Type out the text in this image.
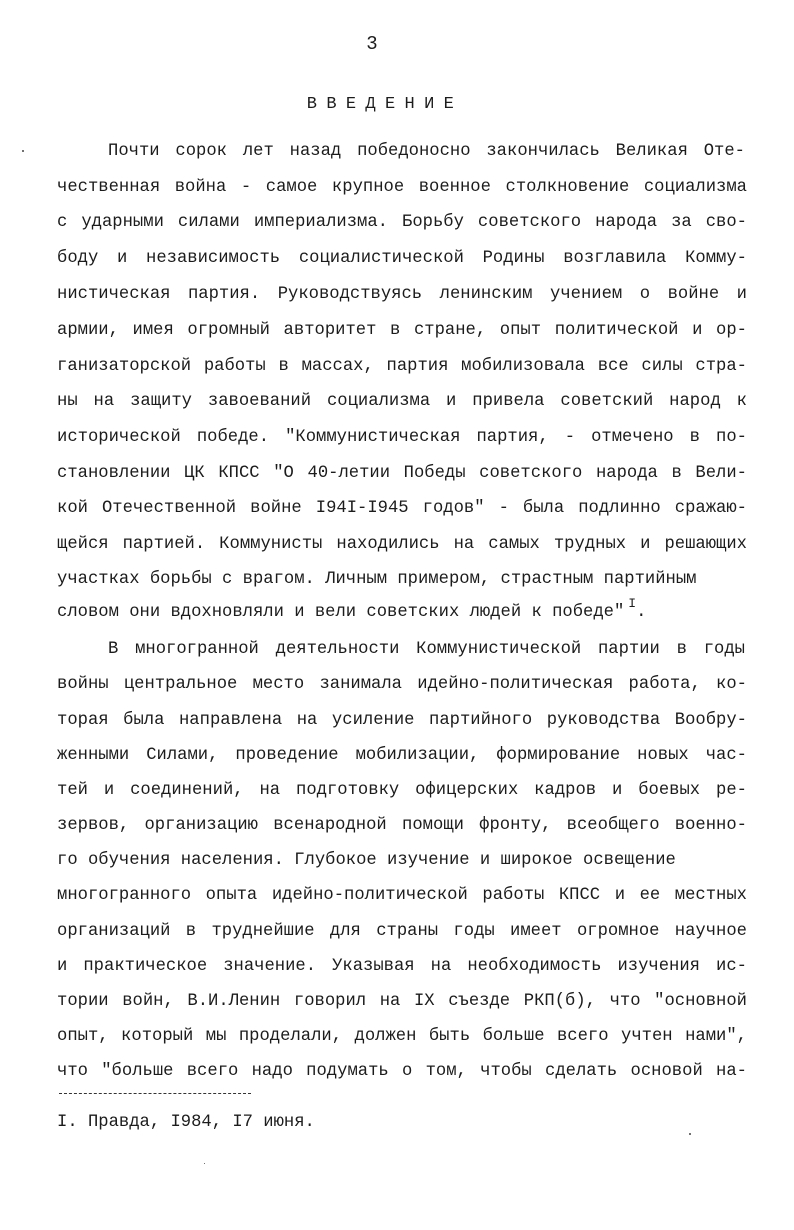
3
ВВЕДЕНИЕ
Почти сорок лет назад победоносно закончилась Великая Оте-
чественная война - самое крупное военное столкновение социализма
с ударными силами империализма. Борьбу советского народа за сво-
боду и независимость социалистической Родины возглавила Комму-
нистическая партия. Руководствуясь ленинским учением о войне и
армии, имея огромный авторитет в стране, опыт политической и ор-
ганизаторской работы в массах, партия мобилизовала все силы стра-
ны на защиту завоеваний социализма и привела советский народ к
исторической победе. "Коммунистическая партия, - отмечено в по-
становлении ЦК КПСС "О 40-летии Победы советского народа в Вели-
кой Отечественной войне I94I-I945 годов" - была подлинно сражаю-
щейся партией. Коммунисты находились на самых трудных и решающих
участках борьбы с врагом. Личным примером, страстным партийным
словом они вдохновляли и вели советских людей к победе" $^I$.
В многогранной деятельности Коммунистической партии в годы
войны центральное место занимала идейно-политическая работа, ко-
торая была направлена на усиление партийного руководства Вообру-
женными Силами, проведение мобилизации, формирование новых час-
тей и соединений, на подготовку офицерских кадров и боевых ре-
зервов, организацию всенародной помощи фронту, всеобщего военно-
го обучения населения. Глубокое изучение и широкое освещение
многогранного опыта идейно-политической работы КПСС и ее местных
организаций в труднейшие для страны годы имеет огромное научное
и практическое значение. Указывая на необходимость изучения ис-
тории войн, В.И.Ленин говорил на IX съезде РКП(б), что "основной
опыт, который мы проделали, должен быть больше всего учтен нами",
что "больше всего надо подумать о том, чтобы сделать основой на-
I. Правда, I984, I7 июня.
